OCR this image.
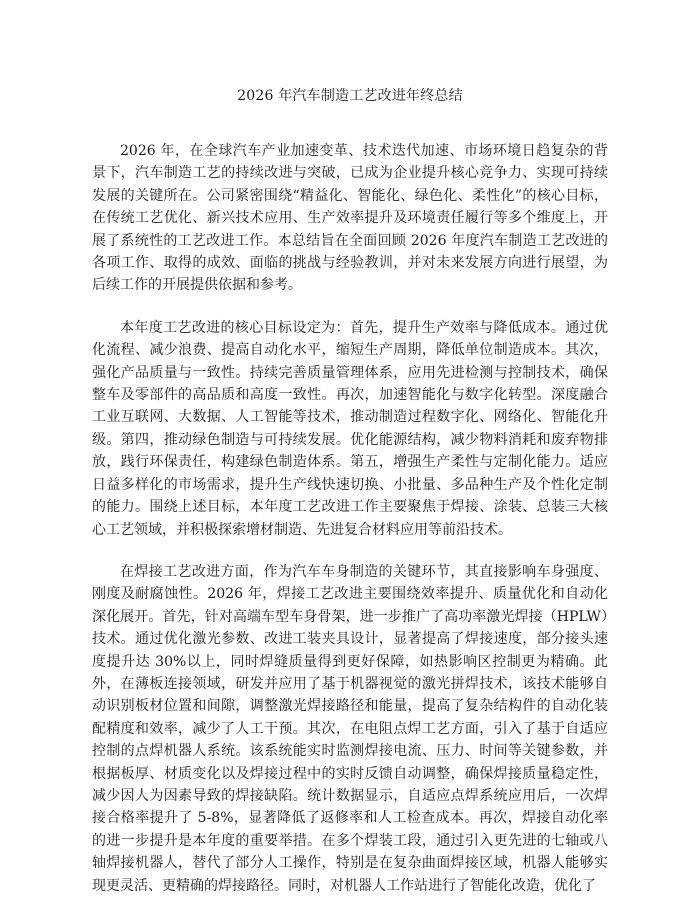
2026 年汽车制造工艺改进年终总结

2026 年，在全球汽车产业加速变革、技术迭代加速、市场环境日趋复杂的背景下，汽车制造工艺的持续改进与突破，已成为企业提升核心竞争力、实现可持续发展的关键所在。公司紧密围绕“精益化、智能化、绿色化、柔性化”的核心目标，在传统工艺优化、新兴技术应用、生产效率提升及环境责任履行等多个维度上，开展了系统性的工艺改进工作。本总结旨在全面回顾 2026 年度汽车制造工艺改进的各项工作、取得的成效、面临的挑战与经验教训，并对未来发展方向进行展望，为后续工作的开展提供依据和参考。

本年度工艺改进的核心目标设定为：首先，提升生产效率与降低成本。通过优化流程、减少浪费、提高自动化水平，缩短生产周期，降低单位制造成本。其次，强化产品质量与一致性。持续完善质量管理体系，应用先进检测与控制技术，确保整车及零部件的高品质和高度一致性。再次，加速智能化与数字化转型。深度融合工业互联网、大数据、人工智能等技术，推动制造过程数字化、网络化、智能化升级。第四，推动绿色制造与可持续发展。优化能源结构，减少物料消耗和废弃物排放，践行环保责任，构建绿色制造体系。第五，增强生产柔性与定制化能力。适应日益多样化的市场需求，提升生产线快速切换、小批量、多品种生产及个性化定制的能力。围绕上述目标，本年度工艺改进工作主要聚焦于焊接、涂装、总装三大核心工艺领域，并积极探索增材制造、先进复合材料应用等前沿技术。

在焊接工艺改进方面，作为汽车车身制造的关键环节，其直接影响车身强度、刚度及耐腐蚀性。2026 年，焊接工艺改进主要围绕效率提升、质量优化和自动化深化展开。首先，针对高端车型车身骨架，进一步推广了高功率激光焊接（HPLW）技术。通过优化激光参数、改进工装夹具设计，显著提高了焊接速度，部分接头速度提升达 30%以上，同时焊缝质量得到更好保障，如热影响区控制更为精确。此外，在薄板连接领域，研发并应用了基于机器视觉的激光拼焊技术，该技术能够自动识别板材位置和间隙，调整激光焊接路径和能量，提高了复杂结构件的自动化装配精度和效率，减少了人工干预。其次，在电阻点焊工艺方面，引入了基于自适应控制的点焊机器人系统。该系统能实时监测焊接电流、压力、时间等关键参数，并根据板厚、材质变化以及焊接过程中的实时反馈自动调整，确保焊接质量稳定性，减少因人为因素导致的焊接缺陷。统计数据显示，自适应点焊系统应用后，一次焊接合格率提升了 5-8%，显著降低了返修率和人工检查成本。再次，焊接自动化率的进一步提升是本年度的重要举措。在多个焊装工段，通过引入更先进的七轴或八轴焊接机器人，替代了部分人工操作，特别是在复杂曲面焊接区域，机器人能够实现更灵活、更精确的焊接路径。同时，对机器人工作站进行了智能化改造，优化了
